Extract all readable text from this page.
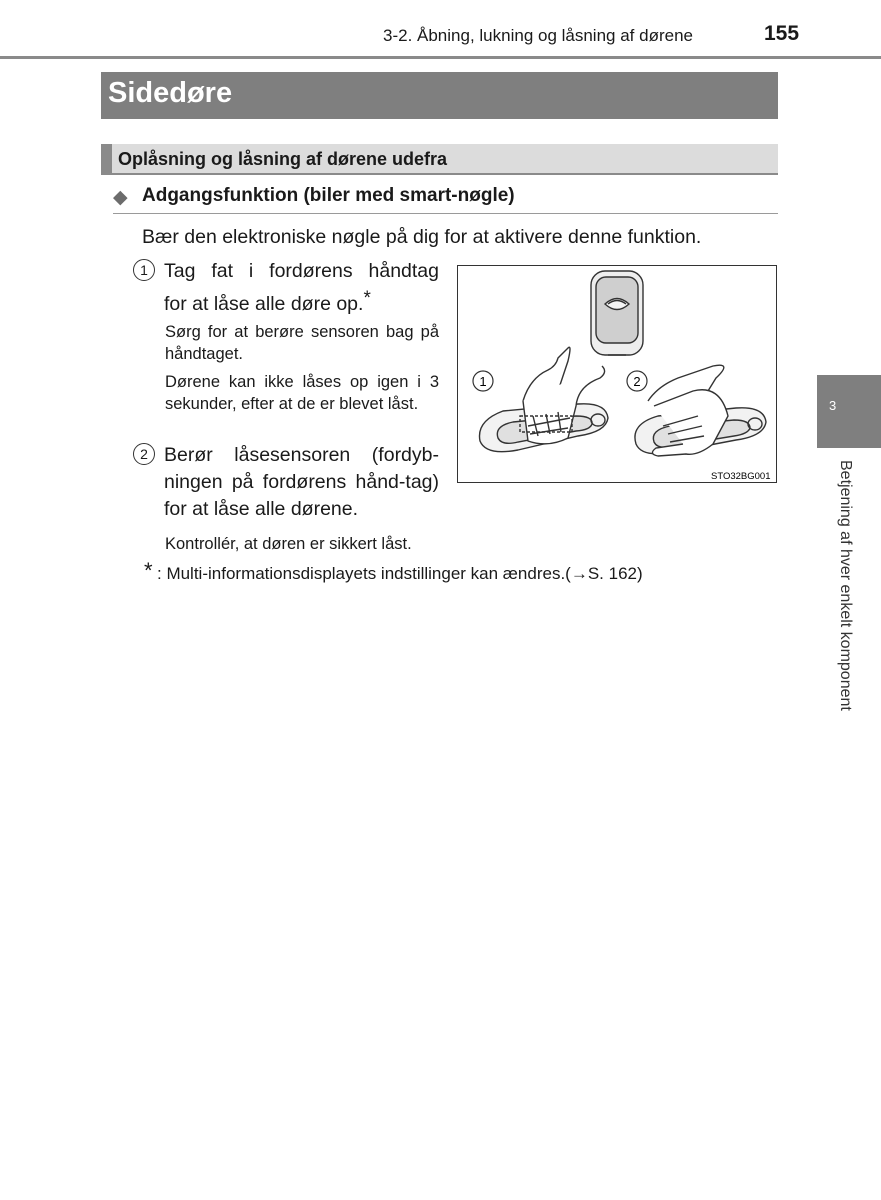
3-2. Åbning, lukning og låsning af dørene	155
Sidedøre
Oplåsning og låsning af dørene udefra
◆ Adgangsfunktion (biler med smart-nøgle)
Bær den elektroniske nøgle på dig for at aktivere denne funktion.
1 Tag fat i fordørens håndtag
for at låse alle døre op.*
Sørg for at berøre sensoren bag på håndtaget.
Dørene kan ikke låses op igen i 3 sekunder, efter at de er blevet låst.
2 Berør låsesensoren (fordyb-ningen på fordørens hånd-tag) for at låse alle dørene.
Kontrollér, at døren er sikkert låst.
1	2
STO32BG001
* : Multi-informationsdisplayets indstillinger kan ændres.(→S. 162)
3
Betjening af hver enkelt komponent
